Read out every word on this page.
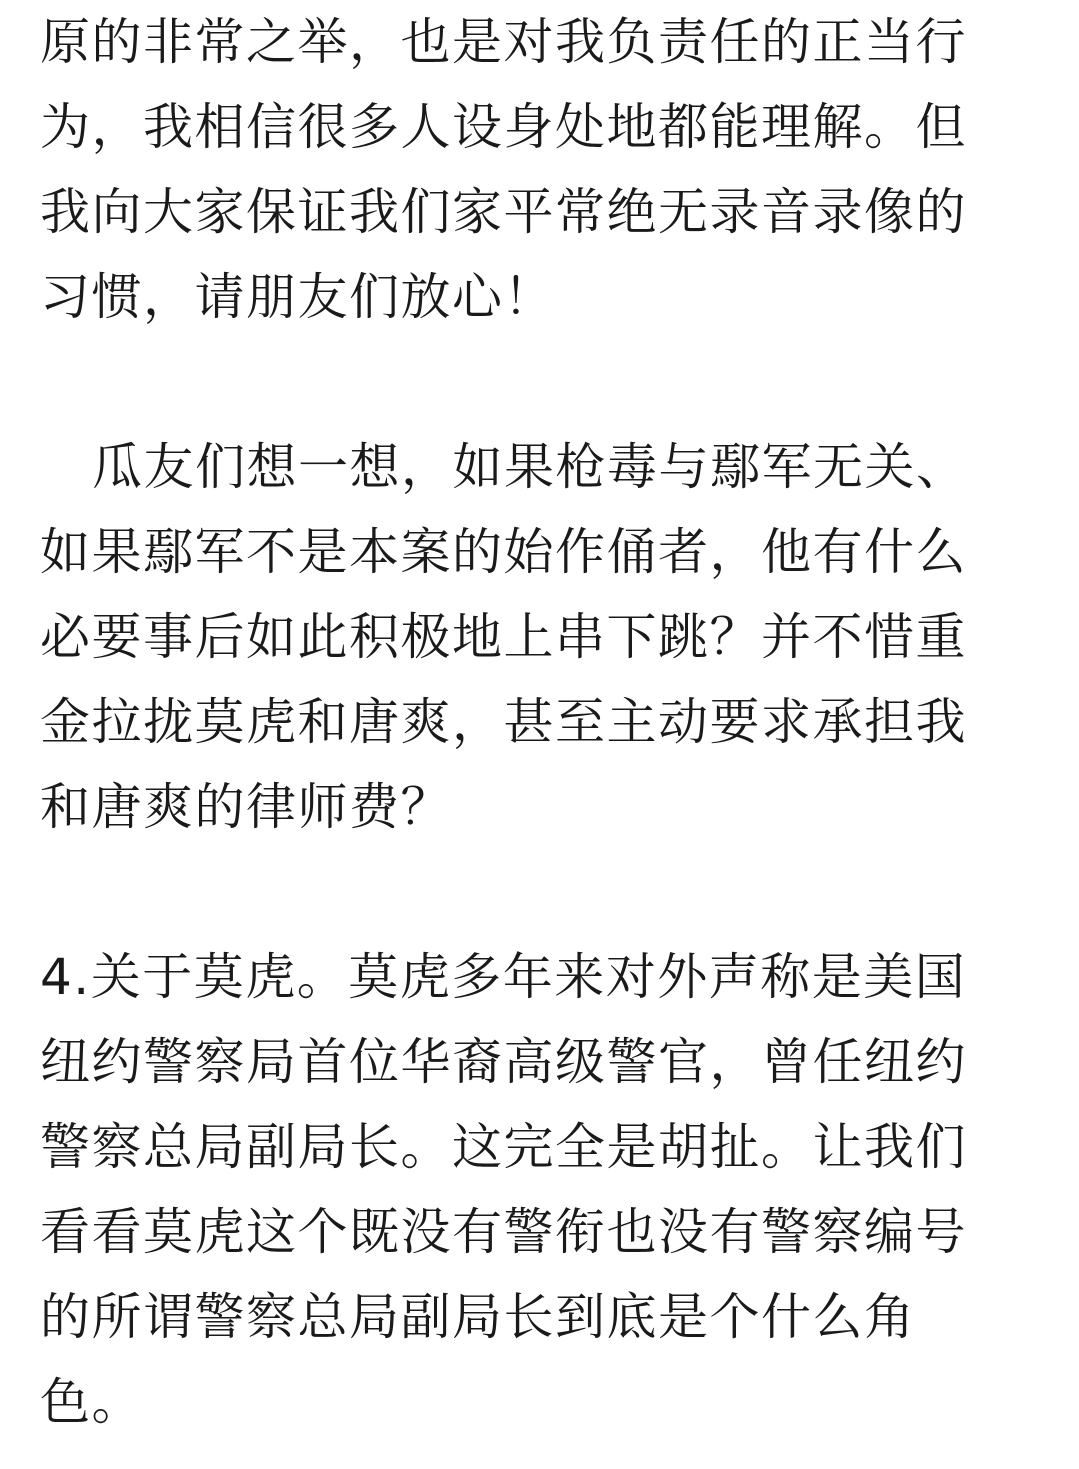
原的非常之举，也是对我负责任的正当行
为，我相信很多人设身处地都能理解。但
我向大家保证我们家平常绝无录音录像的
习惯，请朋友们放心！
瓜友们想一想，如果枪毒与鄢军无关、
如果鄢军不是本案的始作俑者，他有什么
必要事后如此积极地上串下跳？并不惜重
金拉拢莫虎和唐爽，甚至主动要求承担我
和唐爽的律师费？
4.关于莫虎。莫虎多年来对外声称是美国
纽约警察局首位华裔高级警官，曾任纽约
警察总局副局长。这完全是胡扯。让我们
看看莫虎这个既没有警衔也没有警察编号
的所谓警察总局副局长到底是个什么角
色。
